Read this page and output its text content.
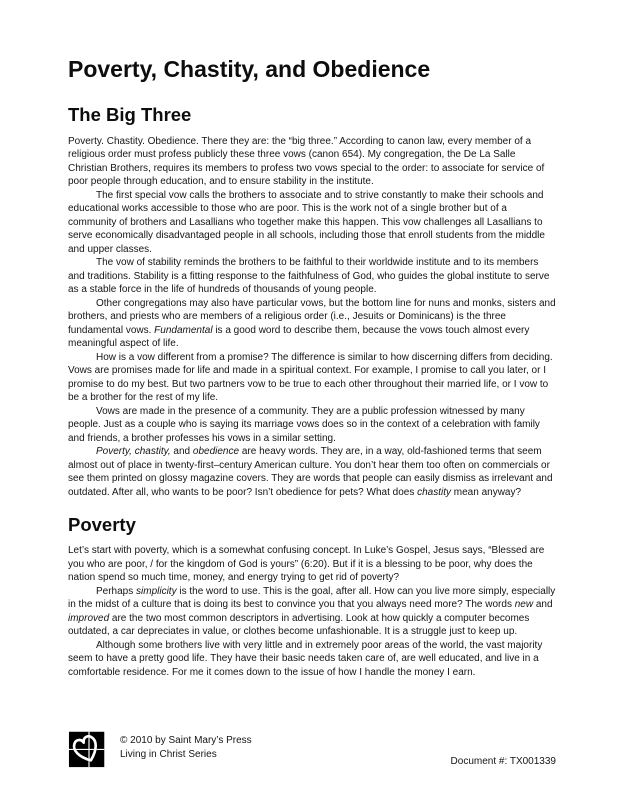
Poverty, Chastity, and Obedience
The Big Three

Poverty. Chastity. Obedience. There they are: the “big three.” According to canon law, every member of a religious order must profess publicly these three vows (canon 654). My congregation, the De La Salle Christian Brothers, requires its members to profess two vows special to the order: to associate for service of poor people through education, and to ensure stability in the institute.

The first special vow calls the brothers to associate and to strive constantly to make their schools and educational works accessible to those who are poor. This is the work not of a single brother but of a community of brothers and Lasallians who together make this happen. This vow challenges all Lasallians to serve economically disadvantaged people in all schools, including those that enroll students from the middle and upper classes.

The vow of stability reminds the brothers to be faithful to their worldwide institute and to its members and traditions. Stability is a fitting response to the faithfulness of God, who guides the global institute to serve as a stable force in the life of hundreds of thousands of young people.

Other congregations may also have particular vows, but the bottom line for nuns and monks, sisters and brothers, and priests who are members of a religious order (i.e., Jesuits or Dominicans) is the three fundamental vows. Fundamental is a good word to describe them, because the vows touch almost every meaningful aspect of life.

How is a vow different from a promise? The difference is similar to how discerning differs from deciding. Vows are promises made for life and made in a spiritual context. For example, I promise to call you later, or I promise to do my best. But two partners vow to be true to each other throughout their married life, or I vow to be a brother for the rest of my life.

Vows are made in the presence of a community. They are a public profession witnessed by many people. Just as a couple who is saying its marriage vows does so in the context of a celebration with family and friends, a brother professes his vows in a similar setting.

Poverty, chastity, and obedience are heavy words. They are, in a way, old-fashioned terms that seem almost out of place in twenty-first–century American culture. You don’t hear them too often on commercials or see them printed on glossy magazine covers. They are words that people can easily dismiss as irrelevant and outdated. After all, who wants to be poor? Isn’t obedience for pets? What does chastity mean anyway?

Poverty

Let’s start with poverty, which is a somewhat confusing concept. In Luke’s Gospel, Jesus says, “Blessed are you who are poor, / for the kingdom of God is yours” (6:20). But if it is a blessing to be poor, why does the nation spend so much time, money, and energy trying to get rid of poverty?

Perhaps simplicity is the word to use. This is the goal, after all. How can you live more simply, especially in the midst of a culture that is doing its best to convince you that you always need more? The words new and improved are the two most common descriptors in advertising. Look at how quickly a computer becomes outdated, a car depreciates in value, or clothes become unfashionable. It is a struggle just to keep up.

Although some brothers live with very little and in extremely poor areas of the world, the vast majority seem to have a pretty good life. They have their basic needs taken care of, are well educated, and live in a comfortable residence. For me it comes down to the issue of how I handle the money I earn.

© 2010 by Saint Mary’s Press
Living in Christ Series
Document #: TX001339
